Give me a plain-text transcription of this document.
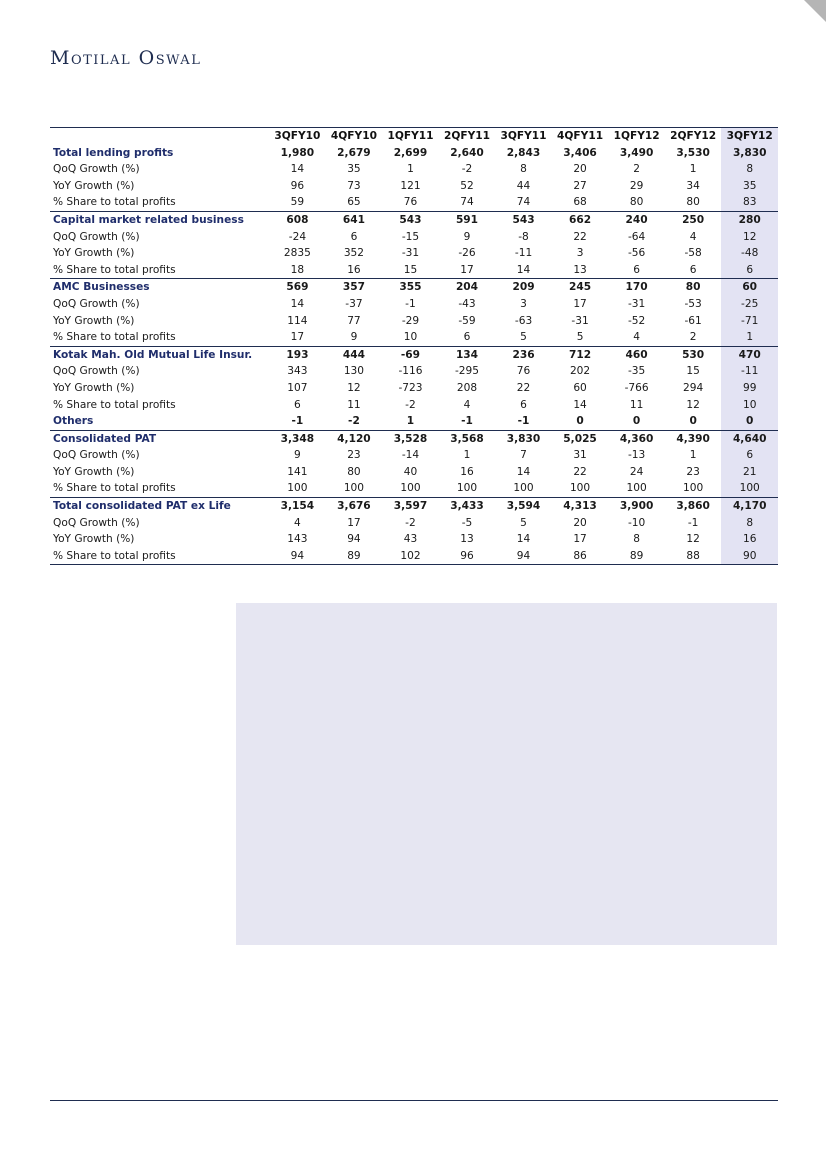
Motilal Oswal
	3QFY10	4QFY10	1QFY11	2QFY11	3QFY11	4QFY11	1QFY12	2QFY12	3QFY12
Total lending profits	1,980	2,679	2,699	2,640	2,843	3,406	3,490	3,530	3,830
QoQ Growth (%)	14	35	1	-2	8	20	2	1	8
YoY Growth (%)	96	73	121	52	44	27	29	34	35
% Share to total profits	59	65	76	74	74	68	80	80	83
Capital market related business	608	641	543	591	543	662	240	250	280
QoQ Growth (%)	-24	6	-15	9	-8	22	-64	4	12
YoY Growth (%)	2835	352	-31	-26	-11	3	-56	-58	-48
% Share to total profits	18	16	15	17	14	13	6	6	6
AMC Businesses	569	357	355	204	209	245	170	80	60
QoQ Growth (%)	14	-37	-1	-43	3	17	-31	-53	-25
YoY Growth (%)	114	77	-29	-59	-63	-31	-52	-61	-71
% Share to total profits	17	9	10	6	5	5	4	2	1
Kotak Mah. Old Mutual Life Insur.	193	444	-69	134	236	712	460	530	470
QoQ Growth (%)	343	130	-116	-295	76	202	-35	15	-11
YoY Growth (%)	107	12	-723	208	22	60	-766	294	99
% Share to total profits	6	11	-2	4	6	14	11	12	10
Others	-1	-2	1	-1	-1	0	0	0	0
Consolidated PAT	3,348	4,120	3,528	3,568	3,830	5,025	4,360	4,390	4,640
QoQ Growth (%)	9	23	-14	1	7	31	-13	1	6
YoY Growth (%)	141	80	40	16	14	22	24	23	21
% Share to total profits	100	100	100	100	100	100	100	100	100
Total consolidated PAT ex Life	3,154	3,676	3,597	3,433	3,594	4,313	3,900	3,860	4,170
QoQ Growth (%)	4	17	-2	-5	5	20	-10	-1	8
YoY Growth (%)	143	94	43	13	14	17	8	12	16
% Share to total profits	94	89	102	96	94	86	89	88	90
